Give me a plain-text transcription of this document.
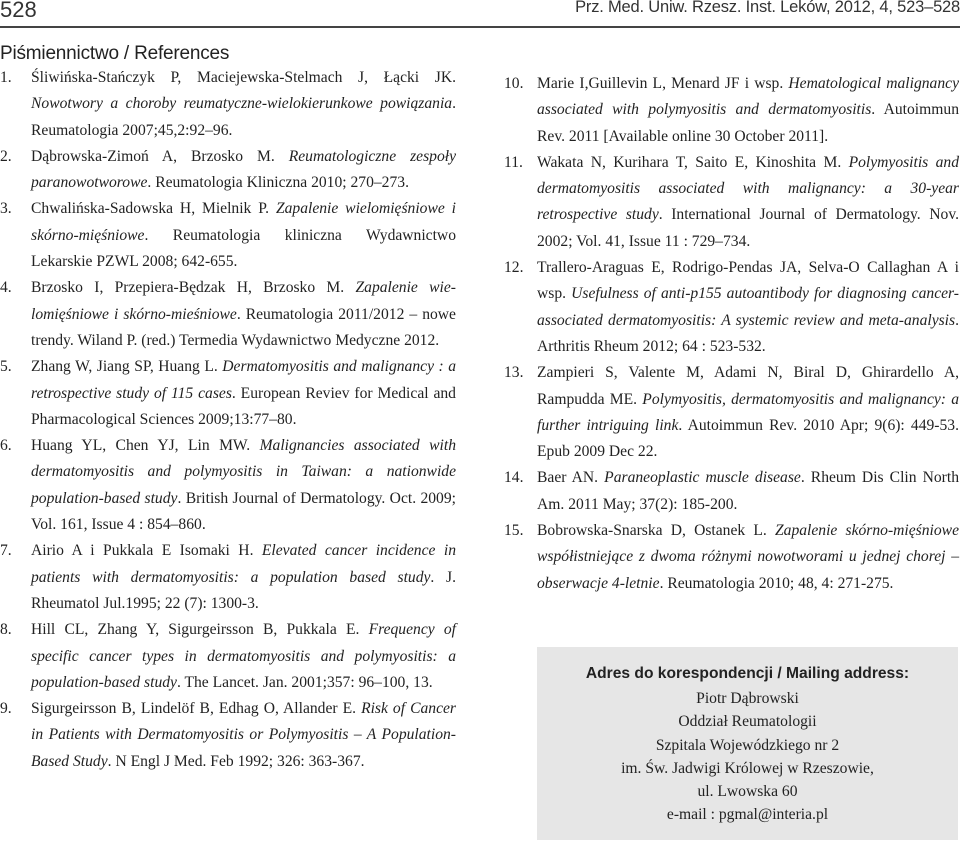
528	Prz. Med. Uniw. Rzesz. Inst. Leków, 2012, 4, 523–528
Piśmiennictwo / References
1. Śliwińska-Stańczyk P, Maciejewska-Stelmach J, Łącki JK. Nowotwory a choroby reumatyczne-wielokierunkowe powiązania. Reumatologia 2007;45,2:92–96.
2. Dąbrowska-Zimoń A, Brzosko M. Reumatologiczne zespoły paranowotworowe. Reumatologia Kliniczna 2010; 270–273.
3. Chwalińska-Sadowska H, Mielnik P. Zapalenie wielomięśniowe i skórno-mięśniowe. Reumatologia kliniczna Wydawnictwo Lekarskie PZWL 2008; 642-655.
4. Brzosko I, Przepiera-Będzak H, Brzosko M. Zapalenie wielomięśniowe i skórno-mieśniowe. Reumatologia 2011/2012 – nowe trendy. Wiland P. (red.) Termedia Wydawnictwo Medyczne 2012.
5. Zhang W, Jiang SP, Huang L. Dermatomyositis and malignancy : a retrospective study of 115 cases. European Reviev for Medical and Pharmacological Sciences 2009;13:77–80.
6. Huang YL, Chen YJ, Lin MW. Malignancies associated with dermatomyositis and polymyositis in Taiwan: a nationwide population-based study. British Journal of Dermatology. Oct. 2009; Vol. 161, Issue 4 : 854–860.
7. Airio A i Pukkala E Isomaki H. Elevated cancer incidence in patients with dermatomyositis: a population based study. J. Rheumatol Jul.1995; 22 (7): 1300-3.
8. Hill CL, Zhang Y, Sigurgeirsson B, Pukkala E. Frequency of specific cancer types in dermatomyositis and polymyositis: a population-based study. The Lancet. Jan. 2001;357: 96–100, 13.
9. Sigurgeirsson B, Lindelöf B, Edhag O, Allander E. Risk of Cancer in Patients with Dermatomyositis or Polymyositis – A Population- Based Study. N Engl J Med. Feb 1992; 326: 363-367.
10. Marie I,Guillevin L, Menard JF i wsp. Hematological malignancy associated with polymyositis and dermatomyositis. Autoimmun Rev. 2011 [Available online 30 October 2011].
11. Wakata N, Kurihara T, Saito E, Kinoshita M. Polymyositis and dermatomyositis associated with malignancy: a 30-year retrospective study. International Journal of Dermatology. Nov. 2002; Vol. 41, Issue 11 : 729–734.
12. Trallero-Araguas E, Rodrigo-Pendas JA, Selva-O Callaghan A i wsp. Usefulness of anti-p155 autoantibody for diagnosing cancer-associated dermatomyositis: A systemic review and meta-analysis. Arthritis Rheum 2012; 64 : 523-532.
13. Zampieri S, Valente M, Adami N, Biral D, Ghirardello A, Rampudda ME. Polymyositis, dermatomyositis and malignancy: a further intriguing link. Autoimmun Rev. 2010 Apr; 9(6): 449-53. Epub 2009 Dec 22.
14. Baer AN. Paraneoplastic muscle disease. Rheum Dis Clin North Am. 2011 May; 37(2): 185-200.
15. Bobrowska-Snarska D, Ostanek L. Zapalenie skórno-mięśniowe współistniejące z dwoma różnymi nowotworami u jednej chorej – obserwacje 4-letnie. Reumatologia 2010; 48, 4: 271-275.
Adres do korespondencji / Mailing address:
Piotr Dąbrowski
Oddział Reumatologii
Szpitala Wojewódzkiego nr 2
im. Św. Jadwigi Królowej w Rzeszowie,
ul. Lwowska 60
e-mail : pgmal@interia.pl
